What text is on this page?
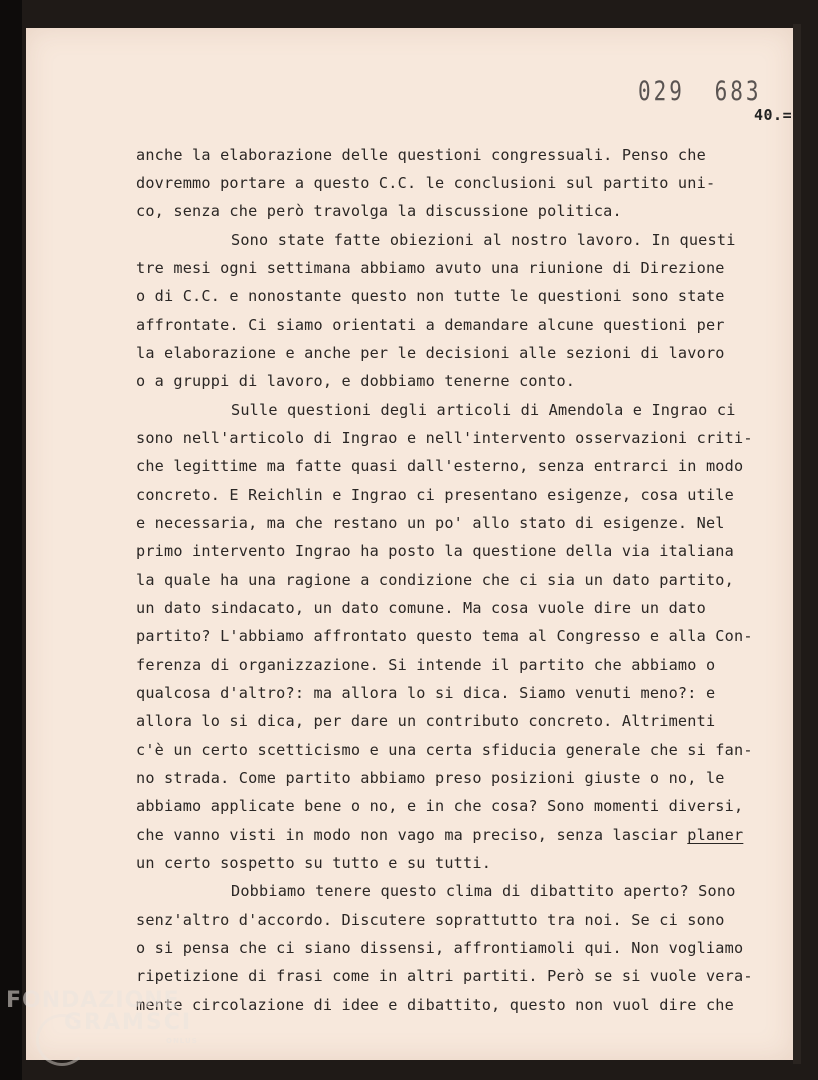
029 683
40.=
anche la elaborazione delle questioni congressuali. Penso che
dovremmo portare a questo C.C. le conclusioni sul partito uni-
co, senza che però travolga la discussione politica.
Sono state fatte obiezioni al nostro lavoro. In questi
tre mesi ogni settimana abbiamo avuto una riunione di Direzione
o di C.C. e nonostante questo non tutte le questioni sono state
affrontate. Ci siamo orientati a demandare alcune questioni per
la elaborazione e anche per le decisioni alle sezioni di lavoro
o a gruppi di lavoro, e dobbiamo tenerne conto.
Sulle questioni degli articoli di Amendola e Ingrao ci
sono nell'articolo di Ingrao e nell'intervento osservazioni criti-
che legittime ma fatte quasi dall'esterno, senza entrarci in modo
concreto. E Reichlin e Ingrao ci presentano esigenze, cosa utile
e necessaria, ma che restano un po' allo stato di esigenze. Nel
primo intervento Ingrao ha posto la questione della via italiana
la quale ha una ragione a condizione che ci sia un dato partito,
un dato sindacato, un dato comune. Ma cosa vuole dire un dato
partito? L'abbiamo affrontato questo tema al Congresso e alla Con-
ferenza di organizzazione. Si intende il partito che abbiamo o
qualcosa d'altro?: ma allora lo si dica. Siamo venuti meno?: e
allora lo si dica, per dare un contributo concreto. Altrimenti
c'è un certo scetticismo e una certa sfiducia generale che si fan-
no strada. Come partito abbiamo preso posizioni giuste o no, le
abbiamo applicate bene o no, e in che cosa? Sono momenti diversi,
che vanno visti in modo non vago ma preciso, senza lasciar planer
un certo sospetto su tutto e su tutti.
Dobbiamo tenere questo clima di dibattito aperto? Sono
senz'altro d'accordo. Discutere soprattutto tra noi. Se ci sono
o si pensa che ci siano dissensi, affrontiamoli qui. Non vogliamo
ripetizione di frasi come in altri partiti. Però se si vuole vera-
mente circolazione di idee e dibattito, questo non vuol dire che
FONDAZIONE
GRAMSCI
ONLUS
